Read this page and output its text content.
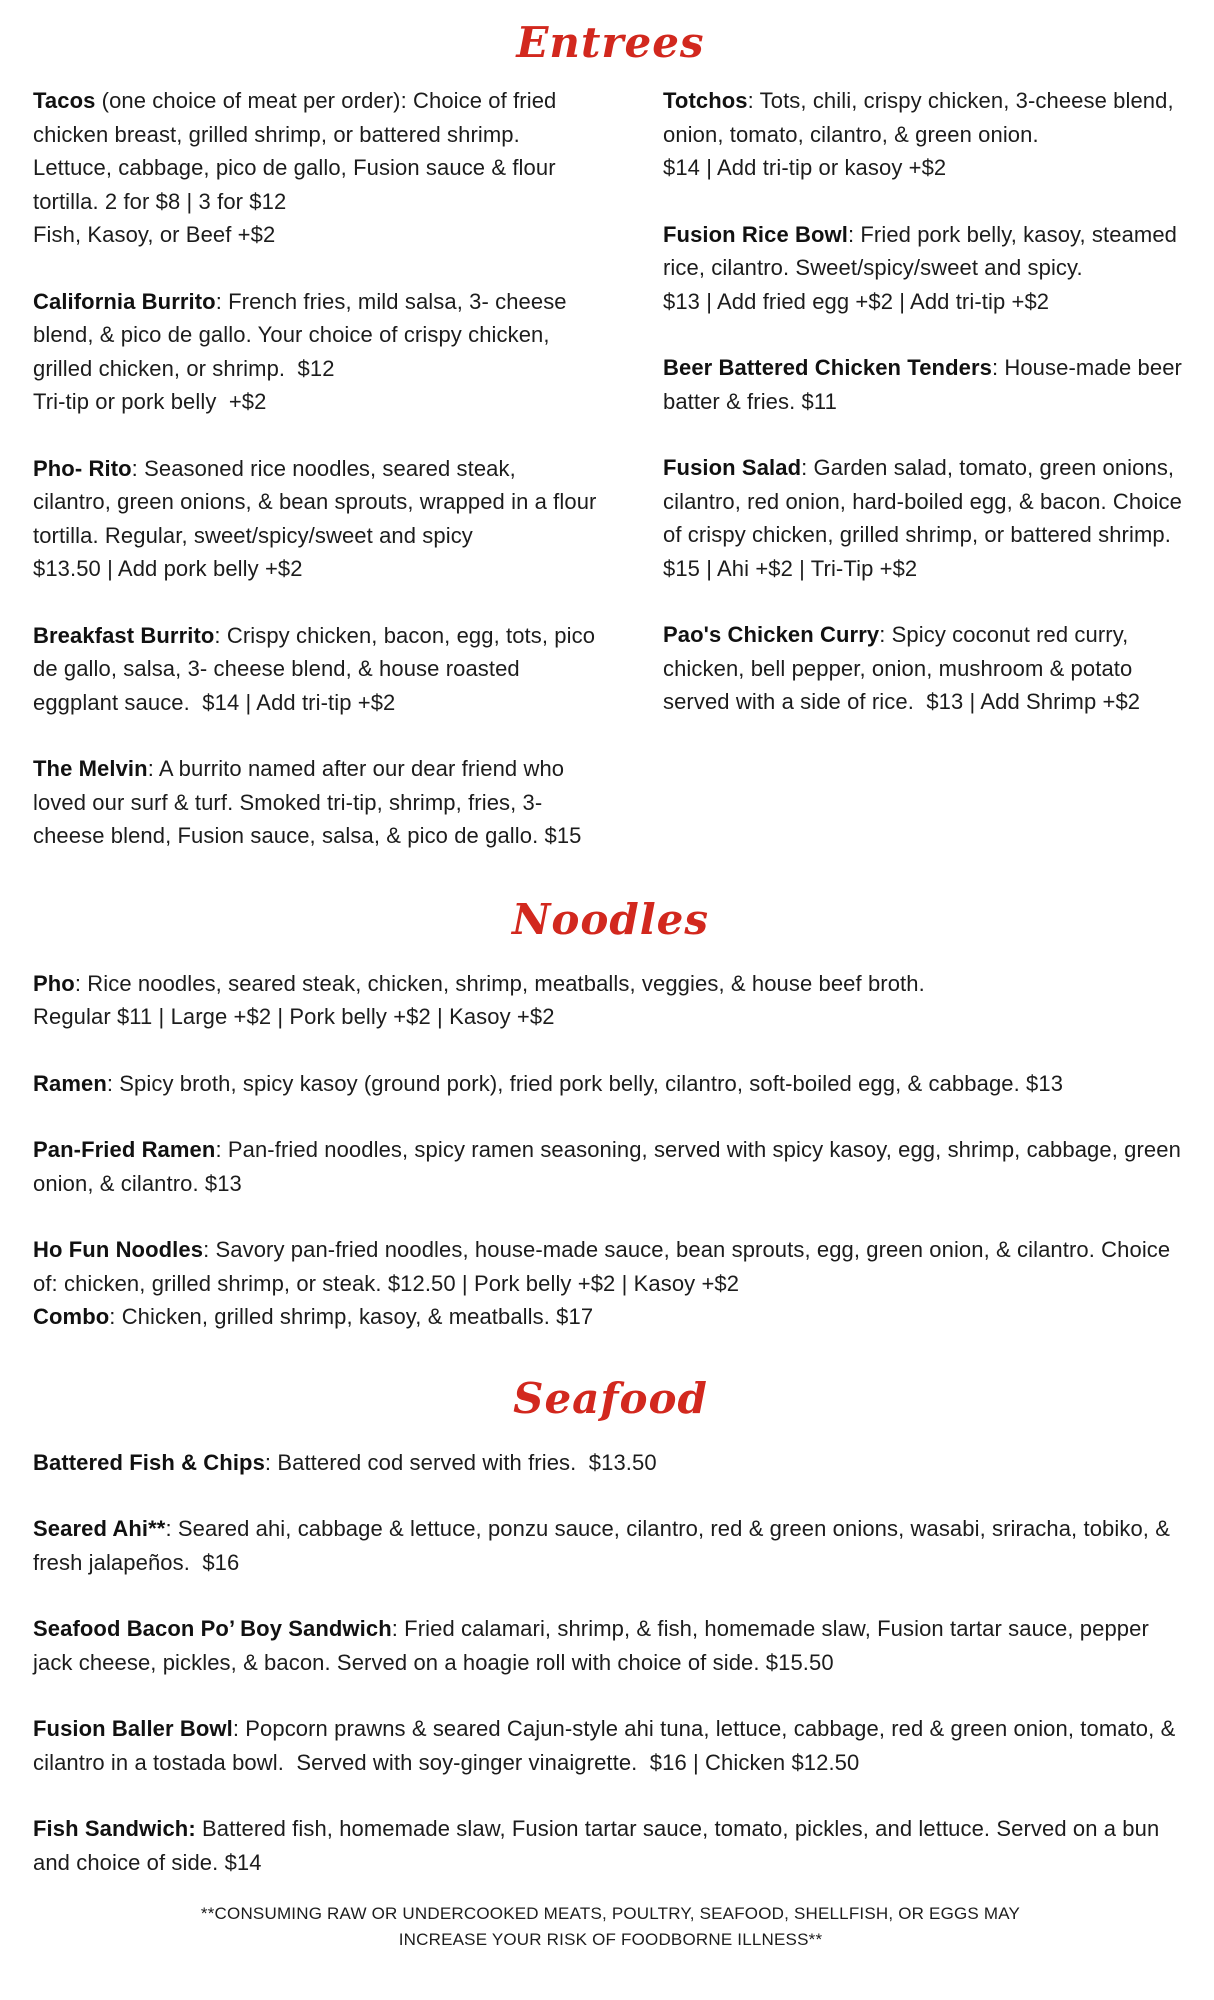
Entrees

Tacos (one choice of meat per order): Choice of fried chicken breast, grilled shrimp, or battered shrimp. Lettuce, cabbage, pico de gallo, Fusion sauce & flour tortilla. 2 for $8 | 3 for $12
Fish, Kasoy, or Beef +$2

California Burrito: French fries, mild salsa, 3- cheese blend, & pico de gallo. Your choice of crispy chicken, grilled chicken, or shrimp.  $12
Tri-tip or pork belly  +$2

Pho- Rito: Seasoned rice noodles, seared steak, cilantro, green onions, & bean sprouts, wrapped in a flour tortilla. Regular, sweet/spicy/sweet and spicy
$13.50 | Add pork belly +$2

Breakfast Burrito: Crispy chicken, bacon, egg, tots, pico de gallo, salsa, 3- cheese blend, & house roasted eggplant sauce.  $14 | Add tri-tip +$2

The Melvin: A burrito named after our dear friend who loved our surf & turf. Smoked tri-tip, shrimp, fries, 3- cheese blend, Fusion sauce, salsa, & pico de gallo. $15

Totchos: Tots, chili, crispy chicken, 3-cheese blend, onion, tomato, cilantro, & green onion.
$14 | Add tri-tip or kasoy +$2

Fusion Rice Bowl: Fried pork belly, kasoy, steamed rice, cilantro. Sweet/spicy/sweet and spicy.
$13 | Add fried egg +$2 | Add tri-tip +$2

Beer Battered Chicken Tenders: House-made beer batter & fries. $11

Fusion Salad: Garden salad, tomato, green onions, cilantro, red onion, hard-boiled egg, & bacon. Choice of crispy chicken, grilled shrimp, or battered shrimp. $15 | Ahi +$2 | Tri-Tip +$2

Pao's Chicken Curry: Spicy coconut red curry, chicken, bell pepper, onion, mushroom & potato served with a side of rice.  $13 | Add Shrimp +$2

Noodles

Pho: Rice noodles, seared steak, chicken, shrimp, meatballs, veggies, & house beef broth.
Regular $11 | Large +$2 | Pork belly +$2 | Kasoy +$2

Ramen: Spicy broth, spicy kasoy (ground pork), fried pork belly, cilantro, soft-boiled egg, & cabbage. $13

Pan-Fried Ramen: Pan-fried noodles, spicy ramen seasoning, served with spicy kasoy, egg, shrimp, cabbage, green onion, & cilantro. $13

Ho Fun Noodles: Savory pan-fried noodles, house-made sauce, bean sprouts, egg, green onion, & cilantro. Choice of: chicken, grilled shrimp, or steak. $12.50 | Pork belly +$2 | Kasoy +$2

Combo: Chicken, grilled shrimp, kasoy, & meatballs. $17

Seafood

Battered Fish & Chips: Battered cod served with fries.  $13.50

Seared Ahi**: Seared ahi, cabbage & lettuce, ponzu sauce, cilantro, red & green onions, wasabi, sriracha, tobiko, & fresh jalapeños.  $16

Seafood Bacon Po’ Boy Sandwich: Fried calamari, shrimp, & fish, homemade slaw, Fusion tartar sauce, pepper jack cheese, pickles, & bacon. Served on a hoagie roll with choice of side. $15.50

Fusion Baller Bowl: Popcorn prawns & seared Cajun-style ahi tuna, lettuce, cabbage, red & green onion, tomato, & cilantro in a tostada bowl.  Served with soy-ginger vinaigrette.  $16 | Chicken $12.50

Fish Sandwich: Battered fish, homemade slaw, Fusion tartar sauce, tomato, pickles, and lettuce. Served on a bun and choice of side. $14

**CONSUMING RAW OR UNDERCOOKED MEATS, POULTRY, SEAFOOD, SHELLFISH, OR EGGS MAY
INCREASE YOUR RISK OF FOODBORNE ILLNESS**
